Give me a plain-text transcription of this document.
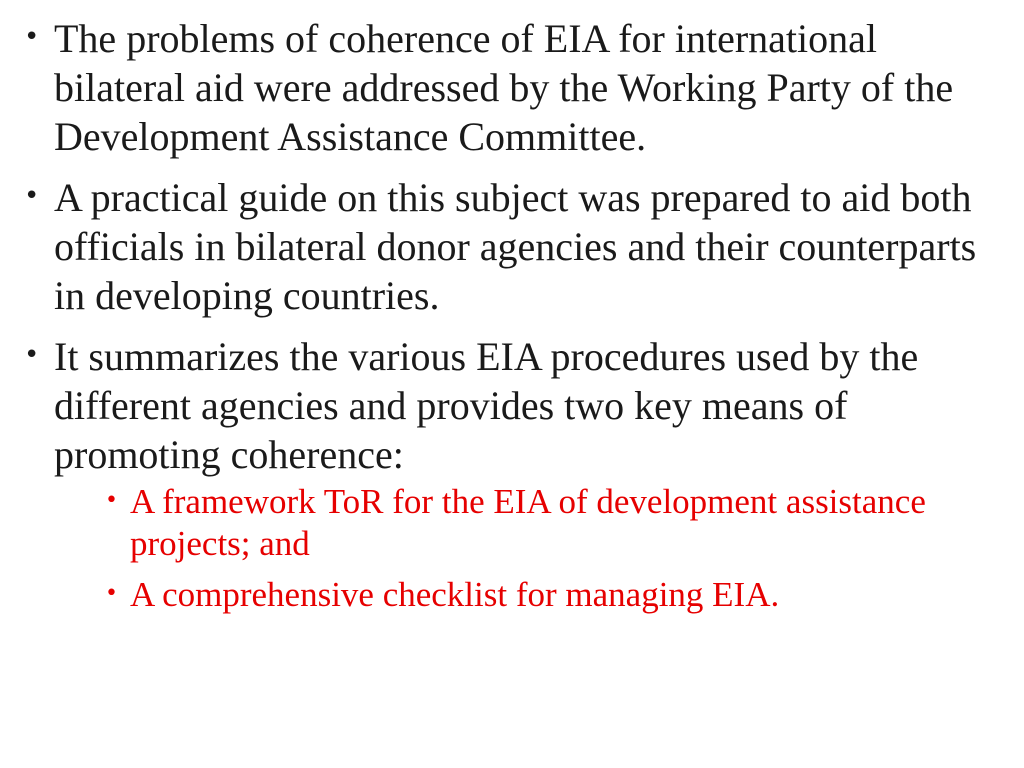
• The problems of coherence of EIA for international bilateral aid were addressed by the Working Party of the Development Assistance Committee.
• A practical guide on this subject was prepared to aid both officials in bilateral donor agencies and their counterparts in developing countries.
• It summarizes the various EIA procedures used by the different agencies and provides two key means of promoting coherence:
• A framework ToR for the EIA of development assistance projects; and
• A comprehensive checklist for managing EIA.
